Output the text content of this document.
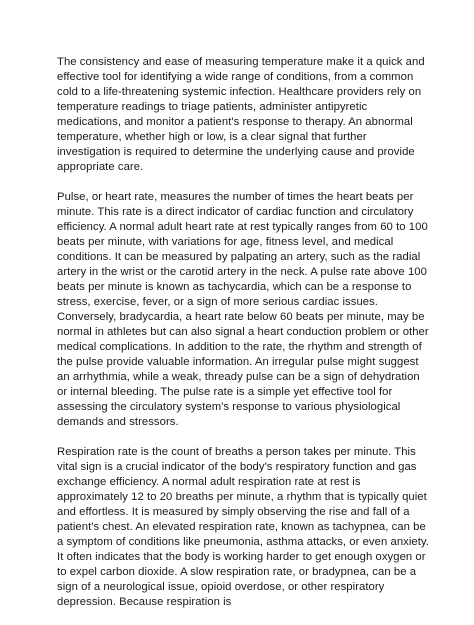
The consistency and ease of measuring temperature make it a quick and effective tool for identifying a wide range of conditions, from a common cold to a life-threatening systemic infection. Healthcare providers rely on temperature readings to triage patients, administer antipyretic medications, and monitor a patient's response to therapy. An abnormal temperature, whether high or low, is a clear signal that further investigation is required to determine the underlying cause and provide appropriate care.

Pulse, or heart rate, measures the number of times the heart beats per minute. This rate is a direct indicator of cardiac function and circulatory efficiency. A normal adult heart rate at rest typically ranges from 60 to 100 beats per minute, with variations for age, fitness level, and medical conditions. It can be measured by palpating an artery, such as the radial artery in the wrist or the carotid artery in the neck. A pulse rate above 100 beats per minute is known as tachycardia, which can be a response to stress, exercise, fever, or a sign of more serious cardiac issues. Conversely, bradycardia, a heart rate below 60 beats per minute, may be normal in athletes but can also signal a heart conduction problem or other medical complications. In addition to the rate, the rhythm and strength of the pulse provide valuable information. An irregular pulse might suggest an arrhythmia, while a weak, thready pulse can be a sign of dehydration or internal bleeding. The pulse rate is a simple yet effective tool for assessing the circulatory system's response to various physiological demands and stressors.

Respiration rate is the count of breaths a person takes per minute. This vital sign is a crucial indicator of the body's respiratory function and gas exchange efficiency. A normal adult respiration rate at rest is approximately 12 to 20 breaths per minute, a rhythm that is typically quiet and effortless. It is measured by simply observing the rise and fall of a patient's chest. An elevated respiration rate, known as tachypnea, can be a symptom of conditions like pneumonia, asthma attacks, or even anxiety. It often indicates that the body is working harder to get enough oxygen or to expel carbon dioxide. A slow respiration rate, or bradypnea, can be a sign of a neurological issue, opioid overdose, or other respiratory depression. Because respiration is
